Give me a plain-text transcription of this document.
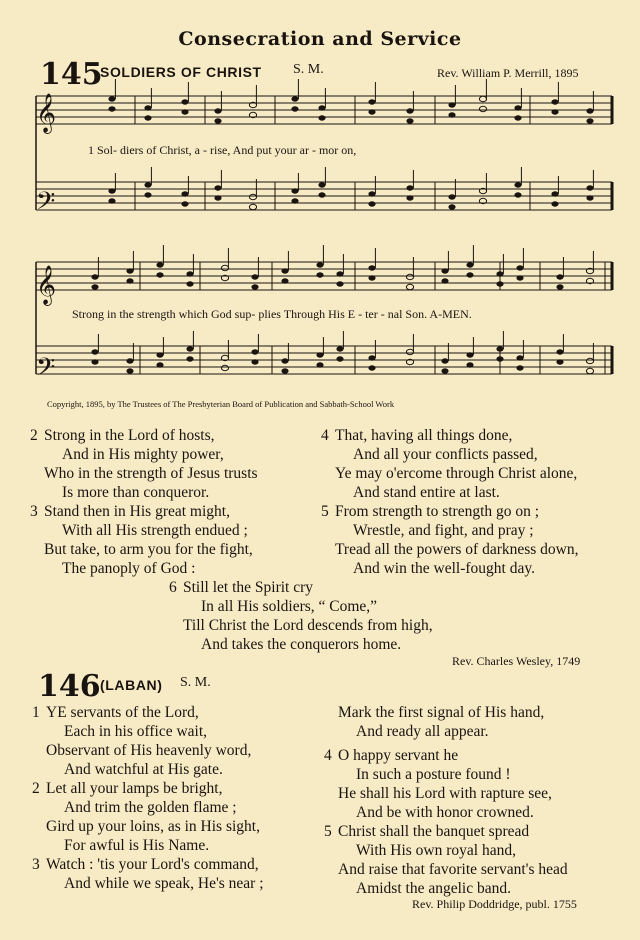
Consecration and Service
145
SOLDIERS OF CHRIST S. M.	Rev. William P. Merrill, 1895
𝄞
𝄢
𝄞
𝄢
1 Sol- diers of Christ, a - rise, And put your ar - mor on,
Strong in the strength which God sup- plies Through His E - ter - nal Son. A-MEN.
Copyright, 1895, by The Trustees of The Presbyterian Board of Publication and Sabbath-School Work
2 Strong in the Lord of hosts,
And in His mighty power,
Who in the strength of Jesus trusts
Is more than conqueror.
3 Stand then in His great might,
With all His strength endued ;
But take, to arm you for the fight,
The panoply of God :
4 That, having all things done,
And all your conflicts passed,
Ye may o'ercome through Christ alone,
And stand entire at last.
5 From strength to strength go on ;
Wrestle, and fight, and pray ;
Tread all the powers of darkness down,
And win the well-fought day.
6 Still let the Spirit cry
In all His soldiers, “ Come,”
Till Christ the Lord descends from high,
And takes the conquerors home.
Rev. Charles Wesley, 1749
146 (LABAN) S. M.
1 YE servants of the Lord,
Each in his office wait,
Observant of His heavenly word,
And watchful at His gate.
2 Let all your lamps be bright,
And trim the golden flame ;
Gird up your loins, as in His sight,
For awful is His Name.
3 Watch : 'tis your Lord's command,
And while we speak, He's near ;
Mark the first signal of His hand,
And ready all appear.
4 O happy servant he
In such a posture found !
He shall his Lord with rapture see,
And be with honor crowned.
5 Christ shall the banquet spread
With His own royal hand,
And raise that favorite servant's head
Amidst the angelic band.
Rev. Philip Doddridge, publ. 1755
